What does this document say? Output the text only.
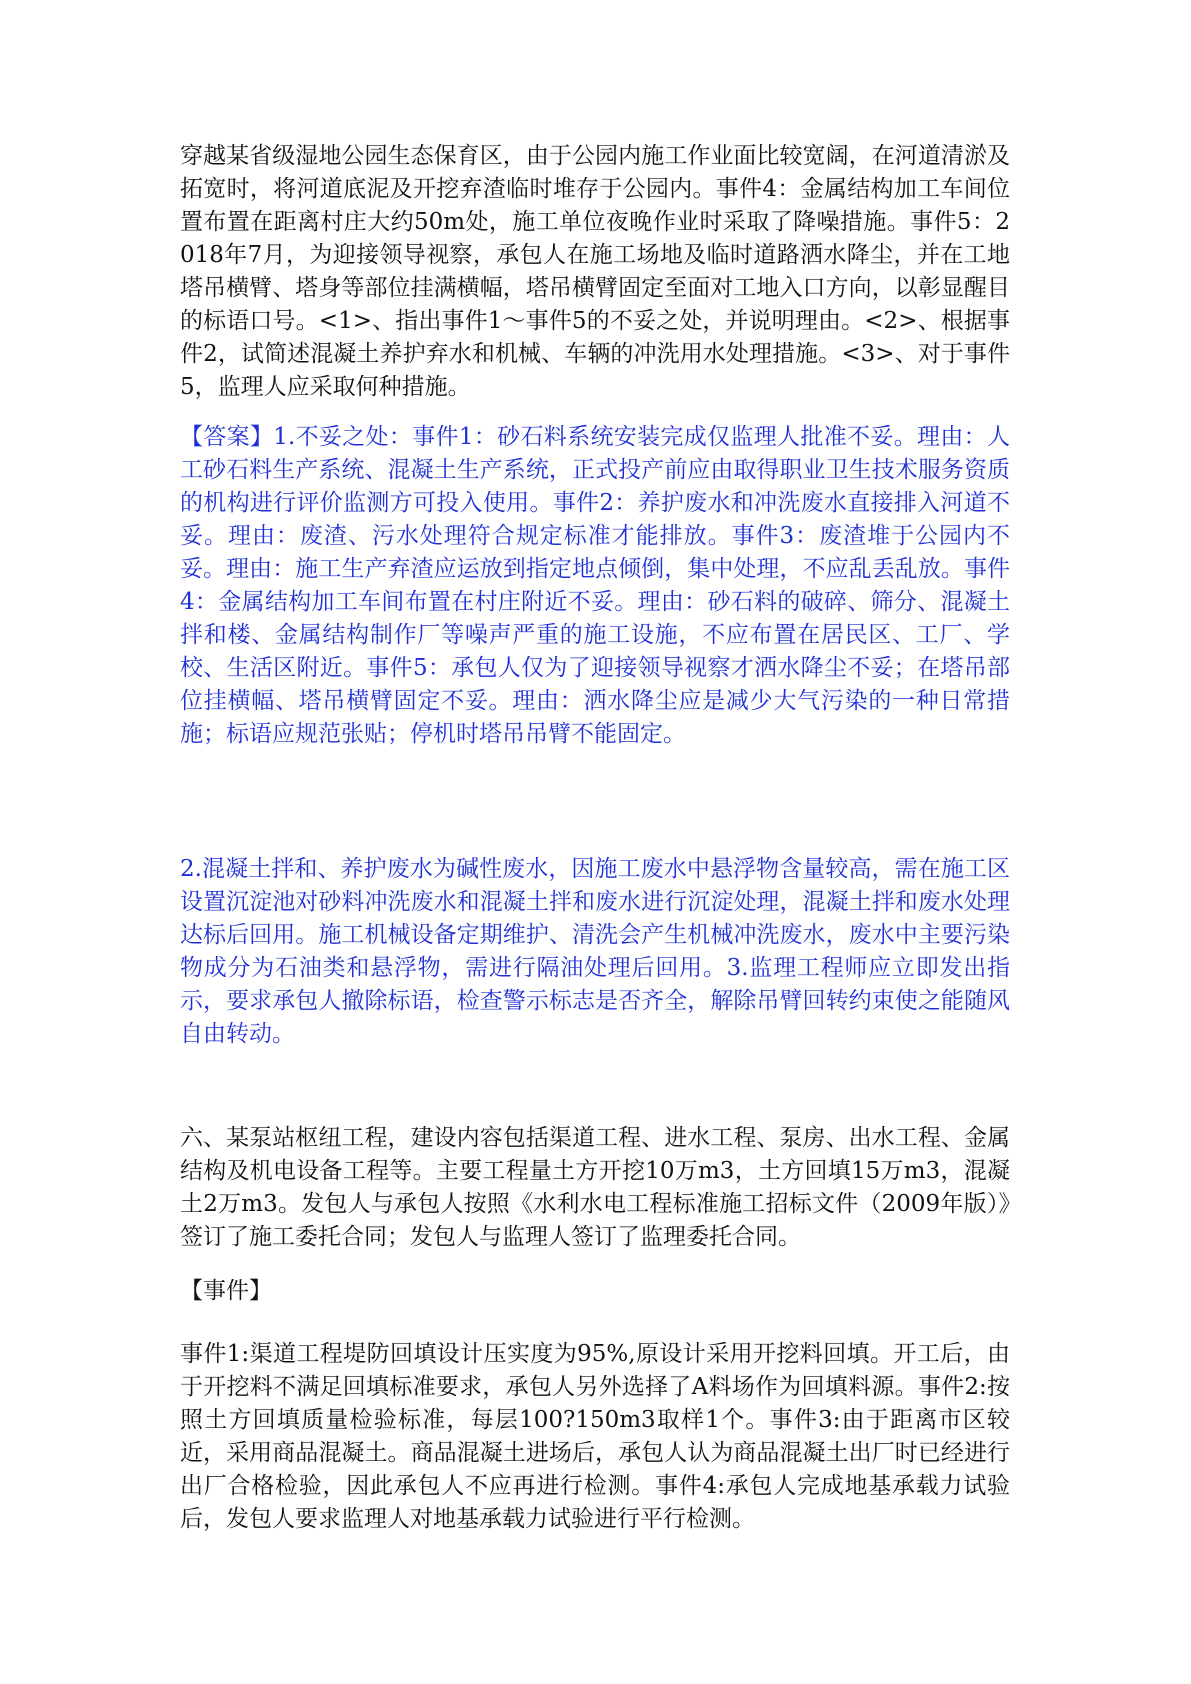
穿越某省级湿地公园生态保育区，由于公园内施工作业面比较宽阔，在河道清淤及拓宽时，将河道底泥及开挖弃渣临时堆存于公园内。事件4：金属结构加工车间位置布置在距离村庄大约50m处，施工单位夜晚作业时采取了降噪措施。事件5：2018年7月，为迎接领导视察，承包人在施工场地及临时道路洒水降尘，并在工地塔吊横臂、塔身等部位挂满横幅，塔吊横臂固定至面对工地入口方向，以彰显醒目的标语口号。<1>、指出事件1～事件5的不妥之处，并说明理由。<2>、根据事件2，试简述混凝土养护弃水和机械、车辆的冲洗用水处理措施。<3>、对于事件5，监理人应采取何种措施。

【答案】1.不妥之处：事件1：砂石料系统安装完成仅监理人批准不妥。理由：人工砂石料生产系统、混凝土生产系统，正式投产前应由取得职业卫生技术服务资质的机构进行评价监测方可投入使用。事件2：养护废水和冲洗废水直接排入河道不妥。理由：废渣、污水处理符合规定标准才能排放。事件3：废渣堆于公园内不妥。理由：施工生产弃渣应运放到指定地点倾倒，集中处理，不应乱丢乱放。事件4：金属结构加工车间布置在村庄附近不妥。理由：砂石料的破碎、筛分、混凝土拌和楼、金属结构制作厂等噪声严重的施工设施，不应布置在居民区、工厂、学校、生活区附近。事件5：承包人仅为了迎接领导视察才洒水降尘不妥；在塔吊部位挂横幅、塔吊横臂固定不妥。理由：洒水降尘应是减少大气污染的一种日常措施；标语应规范张贴；停机时塔吊吊臂不能固定。

2.混凝土拌和、养护废水为碱性废水，因施工废水中悬浮物含量较高，需在施工区设置沉淀池对砂料冲洗废水和混凝土拌和废水进行沉淀处理，混凝土拌和废水处理达标后回用。施工机械设备定期维护、清洗会产生机械冲洗废水，废水中主要污染物成分为石油类和悬浮物，需进行隔油处理后回用。3.监理工程师应立即发出指示，要求承包人撤除标语，检查警示标志是否齐全，解除吊臂回转约束使之能随风自由转动。

六、某泵站枢纽工程，建设内容包括渠道工程、进水工程、泵房、出水工程、金属结构及机电设备工程等。主要工程量土方开挖10万m3，土方回填15万m3，混凝土2万m3。发包人与承包人按照《水利水电工程标准施工招标文件（2009年版）》签订了施工委托合同；发包人与监理人签订了监理委托合同。

【事件】

事件1:渠道工程堤防回填设计压实度为95%,原设计采用开挖料回填。开工后，由于开挖料不满足回填标准要求，承包人另外选择了A料场作为回填料源。事件2:按照土方回填质量检验标准，每层100?150m3取样1个。事件3:由于距离市区较近，采用商品混凝土。商品混凝土进场后，承包人认为商品混凝土出厂时已经进行出厂合格检验，因此承包人不应再进行检测。事件4:承包人完成地基承载力试验后，发包人要求监理人对地基承载力试验进行平行检测。
